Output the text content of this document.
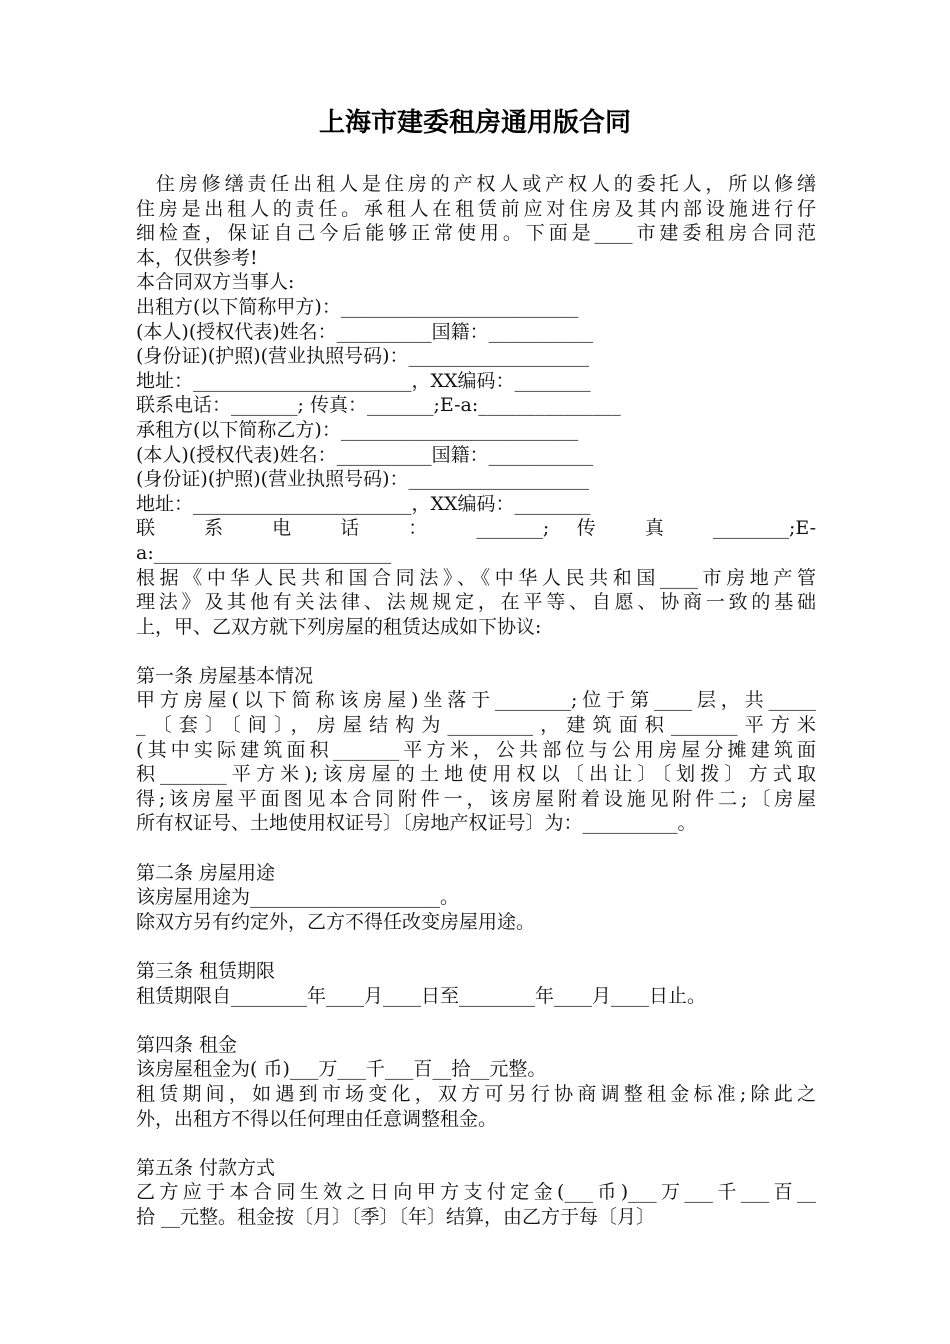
上海市建委租房通用版合同
住房修缮责任出租人是住房的产权人或产权人的委托人，所以修缮
住房是出租人的责任。承租人在租赁前应对住房及其内部设施进行仔
细检查，保证自己今后能够正常使用。下面是____市建委租房合同范
本，仅供参考!
本合同双方当事人:
出租方(以下简称甲方)：_________________________
(本人)(授权代表)姓名：__________国籍：___________
(身份证)(护照)(营业执照号码)：___________________
地址：_______________________，XX编码：________
联系电话：_______; 传真：_______;E-a:_______________
承租方(以下简称乙方)：_________________________
(本人)(授权代表)姓名：__________国籍：___________
(身份证)(护照)(营业执照号码)：___________________
地址：_______________________，XX编码：________
联 系 电 话 ： _______; 传 真 ________;E-
a:_________________________
根据《中华人民共和国合同法》、《中华人民共和国____市房地产管
理法》及其他有关法律、法规规定，在平等、自愿、协商一致的基础
上，甲、乙双方就下列房屋的租赁达成如下协议:
第一条 房屋基本情况
甲方房屋(以下简称该房屋)坐落于________;位于第____层，共_____
_〔套〕〔间〕，房屋结构为_________，建筑面积_______平方米
(其中实际建筑面积_______平方米，公共部位与公用房屋分摊建筑面
积_______平方米);该房屋的土地使用权以〔出让〕〔划拨〕方式取
得;该房屋平面图见本合同附件一，该房屋附着设施见附件二;〔房屋
所有权证号、土地使用权证号〕〔房地产权证号〕为：__________。
第二条 房屋用途
该房屋用途为____________________。
除双方另有约定外，乙方不得任改变房屋用途。
第三条 租赁期限
租赁期限自________年____月____日至________年____月____日止。
第四条 租金
该房屋租金为( 币)___万___千___百__拾__元整。
租赁期间，如遇到市场变化，双方可另行协商调整租金标准;除此之
外，出租方不得以任何理由任意调整租金。
第五条 付款方式
乙方应于本合同生效之日向甲方支付定金(___币)___万___千___百__
拾 __元整。租金按〔月〕〔季〕〔年〕结算，由乙方于每〔月〕
